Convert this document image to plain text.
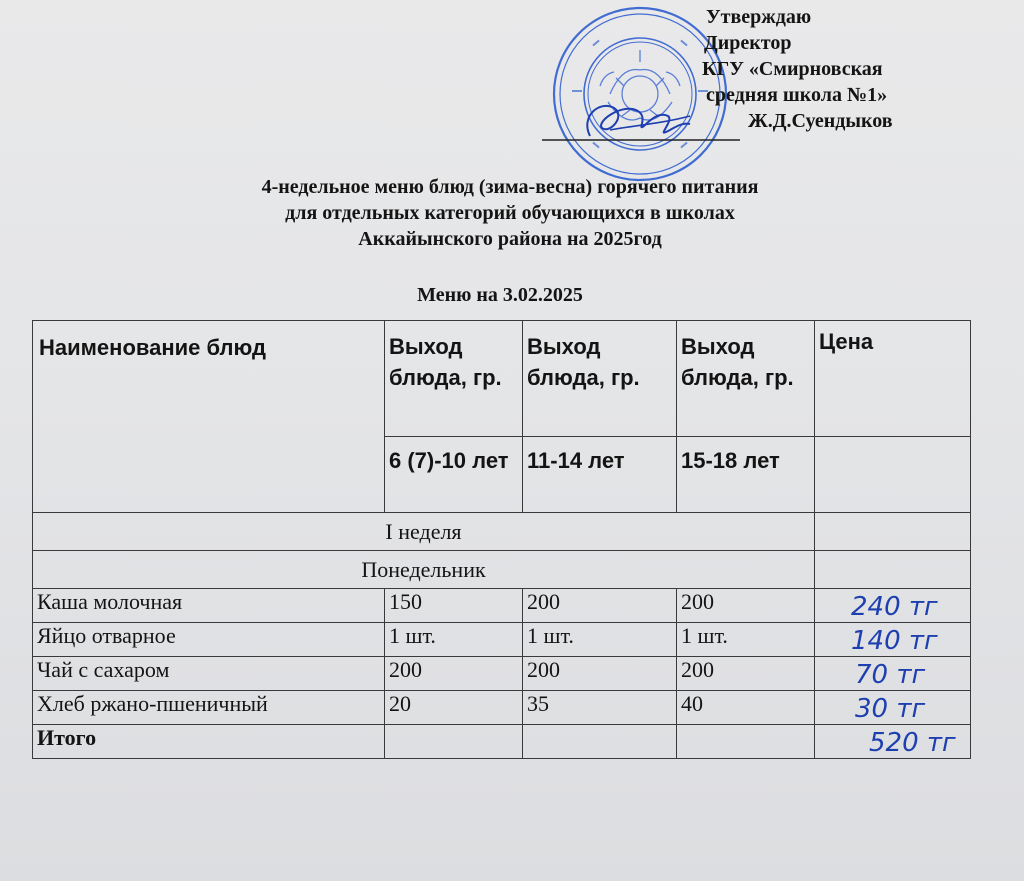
Утверждаю
Директор
КГУ «Смирновская
средняя школа №1»
Ж.Д.Суендыков
4-недельное меню блюд (зима-весна) горячего питания
для отдельных категорий обучающихся в школах
Аккайынского района на 2025год
Меню на 3.02.2025
Наименование блюд	Выход блюда, гр.	Выход блюда, гр.	Выход блюда, гр.	Цена
	6 (7)-10 лет	11-14 лет	15-18 лет	
I неделя				
Понедельник				
Каша молочная	150	200	200	240 тг

Яйцо отварное	1 шт.	1 шт.	1 шт.	140 тг

Чай с сахаром	200	200	200	70 тг

Хлеб ржано-пшеничный	20	35	40	30 тг

Итого				520 тг
